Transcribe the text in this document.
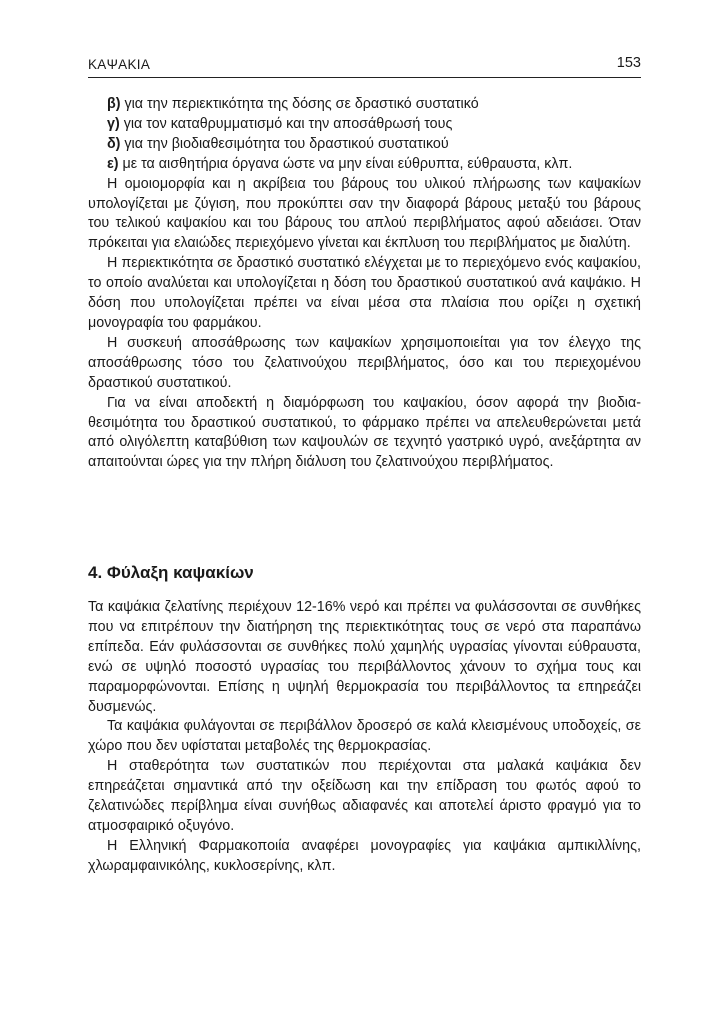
ΚΑΨΑΚΙΑ	153
β) για την περιεκτικότητα της δόσης σε δραστικό συστατικό
γ) για τον καταθρυμματισμό και την αποσάθρωσή τους
δ) για την βιοδιαθεσιμότητα του δραστικού συστατικού
ε) με τα αισθητήρια όργανα ώστε να μην είναι εύθρυπτα, εύθραυστα, κλπ.

Η ομοιομορφία και η ακρίβεια του βάρους του υλικού πλήρωσης των καψακίων υπολογίζεται με ζύγιση, που προκύπτει σαν την διαφορά βάρους μεταξύ του βάρους του τελικού καψακίου και του βάρους του απλού περιβλήματος αφού αδειάσει. Όταν πρόκειται για ελαιώδες περιεχόμενο γίνεται και έκπλυση του περιβλήματος με διαλύτη.

Η περιεκτικότητα σε δραστικό συστατικό ελέγχεται με το περιεχόμενο ενός καψακίου, το οποίο αναλύεται και υπολογίζεται η δόση του δραστικού συστατικού ανά καψάκιο. Η δόση που υπολογίζεται πρέπει να είναι μέσα στα πλαίσια που ορίζει η σχετική μονογραφία του φαρμάκου.

Η συσκευή αποσάθρωσης των καψακίων χρησιμοποιείται για τον έλεγχο της αποσάθρωσης τόσο του ζελατινούχου περιβλήματος, όσο και του περιεχομένου δραστικού συστατικού.

Για να είναι αποδεκτή η διαμόρφωση του καψακίου, όσον αφορά την βιοδιαθεσιμότητα του δραστικού συστατικού, το φάρμακο πρέπει να απελευθερώνεται μετά από ολιγόλεπτη καταβύθιση των καψουλών σε τεχνητό γαστρικό υγρό, ανεξάρτητα αν απαιτούνται ώρες για την πλήρη διάλυση του ζελατινούχου περιβλήματος.

4. Φύλαξη καψακίων

Τα καψάκια ζελατίνης περιέχουν 12-16% νερό και πρέπει να φυλάσσονται σε συνθήκες που να επιτρέπουν την διατήρηση της περιεκτικότητας τους σε νερό στα παραπάνω επίπεδα. Εάν φυλάσσονται σε συνθήκες πολύ χαμηλής υγρασίας γίνονται εύθραυστα, ενώ σε υψηλό ποσοστό υγρασίας του περιβάλλοντος χάνουν το σχήμα τους και παραμορφώνονται. Επίσης η υψηλή θερμοκρασία του περιβάλλοντος τα επηρεάζει δυσμενώς.

Τα καψάκια φυλάγονται σε περιβάλλον δροσερό σε καλά κλεισμένους υποδοχείς, σε χώρο που δεν υφίσταται μεταβολές της θερμοκρασίας.

Η σταθερότητα των συστατικών που περιέχονται στα μαλακά καψάκια δεν επηρεάζεται σημαντικά από την οξείδωση και την επίδραση του φωτός αφού το ζελατινώδες περίβλημα είναι συνήθως αδιαφανές και αποτελεί άριστο φραγμό για το ατμοσφαιρικό οξυγόνο.

Η Ελληνική Φαρμακοποιία αναφέρει μονογραφίες για καψάκια αμπικιλλίνης, χλωραμφαινικόλης, κυκλοσερίνης, κλπ.
